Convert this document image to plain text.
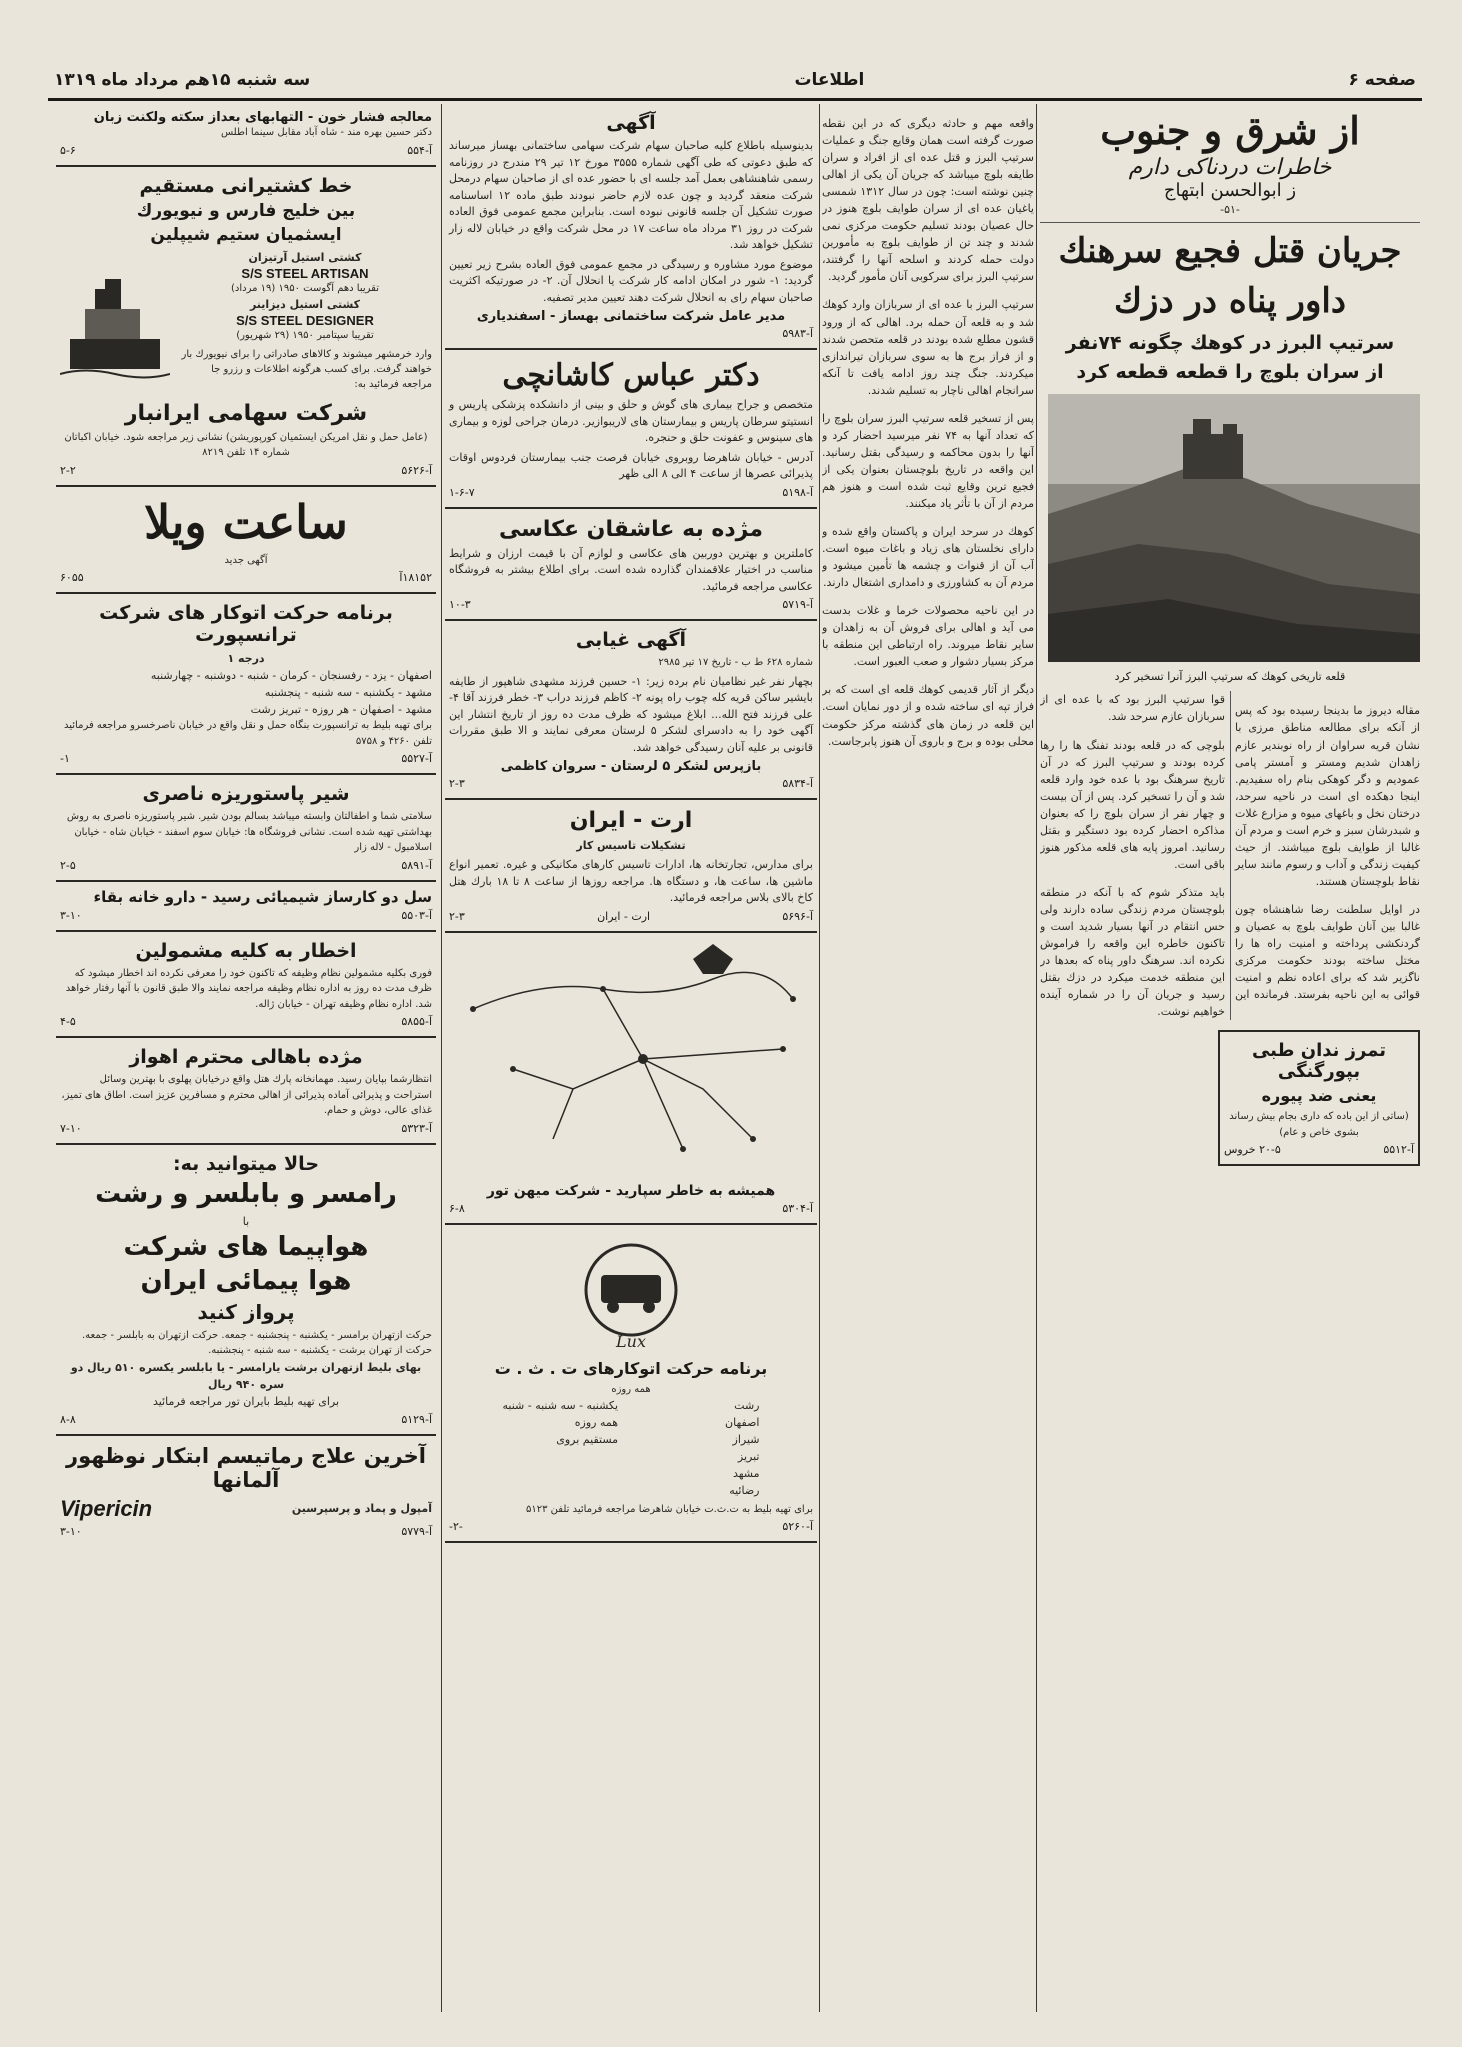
صفحه ۶
اطلاعات
سه شنبه ۱۵هم مرداد ماه ۱۳۱۹
از شرق و جنوب
خاطرات دردناکی دارم
ز ابوالحسن ابتهاج
-۵۱-
جریان قتل فجیع سرهنك
داور پناه در دزك
سرتیپ البرز در کوهك چگونه ۷۴نفر
از سران بلوچ را قطعه قطعه کرد
قلعه تاریخی کوهك که سرتیپ البرز آنرا تسخیر کرد

مقاله دیروز ما بدینجا رسیده بود که پس از آنکه برای مطالعه مناطق مرزی با نشان قریه سراوان از راه نوبندیر عازم زاهدان شدیم ومستر و آمستر پامی عمودیم و دگر کوهکی بنام راه سفیدیم. اینجا دهکده ای است در ناحیه سرحد، درختان نخل و باغهای میوه و مزارع غلات و شبدرشان سبز و خرم است و مردم آن غالبا از طوایف بلوچ میباشند. از حیث کیفیت زندگی و آداب و رسوم مانند سایر نقاط بلوچستان هستند.

در اوایل سلطنت رضا شاهنشاه چون غالبا بین آنان طوایف بلوچ به عصیان و گردنکشی پرداخته و امنیت راه ها را مختل ساخته بودند حکومت مرکزی ناگزیر شد که برای اعاده نظم و امنیت قوائی به این ناحیه بفرستد. فرمانده این قوا سرتیپ البرز بود که با عده ای از سربازان عازم سرحد شد.

بلوچی که در قلعه بودند تفنگ ها را رها کرده بودند و سرتیپ البرز که در آن تاریخ سرهنگ بود با عده خود وارد قلعه شد و آن را تسخیر کرد. پس از آن بیست و چهار نفر از سران بلوچ را که بعنوان مذاکره احضار کرده بود دستگیر و بقتل رسانید. امروز پایه های قلعه مذکور هنوز باقی است.

باید متذکر شوم که با آنکه در منطقه بلوچستان مردم زندگی ساده دارند ولی حس انتقام در آنها بسیار شدید است و تاکنون خاطره این واقعه را فراموش نکرده اند. سرهنگ داور پناه که بعدها در این منطقه خدمت میکرد در دزك بقتل رسید و جریان آن را در شماره آینده خواهیم نوشت.

تمرز ندان طبی بپورگنگی
یعنی ضد پیوره
(ساتی از این باده که داری بجام بیش رساند بشوی خاص و عام)
آ-۵۵۱۲
۲۰-۵ خروس

واقعه مهم و حادثه دیگری که در این نقطه صورت گرفته است همان وقایع جنگ و عملیات سرتیپ البرز و قتل عده ای از افراد و سران طایفه بلوچ میباشد که جریان آن یکی از اهالی چنین نوشته است: چون در سال ۱۳۱۲ شمسی یاغیان عده ای از سران طوایف بلوچ هنوز در حال عصیان بودند تسلیم حکومت مرکزی نمی شدند و چند تن از طوایف بلوچ به مأمورین دولت حمله کردند و اسلحه آنها را گرفتند، سرتیپ البرز برای سرکوبی آنان مأمور گردید.

سرتیپ البرز با عده ای از سربازان وارد کوهك شد و به قلعه آن حمله برد. اهالی که از ورود قشون مطلع شده بودند در قلعه متحصن شدند و از فراز برج ها به سوی سربازان تیراندازی میکردند. جنگ چند روز ادامه یافت تا آنکه سرانجام اهالی ناچار به تسلیم شدند.

پس از تسخیر قلعه سرتیپ البرز سران بلوچ را که تعداد آنها به ۷۴ نفر میرسید احضار کرد و آنها را بدون محاکمه و رسیدگی بقتل رسانید. این واقعه در تاریخ بلوچستان بعنوان یکی از فجیع ترین وقایع ثبت شده است و هنوز هم مردم از آن با تأثر یاد میکنند.

کوهك در سرحد ایران و پاکستان واقع شده و دارای نخلستان های زیاد و باغات میوه است. آب آن از قنوات و چشمه ها تأمین میشود و مردم آن به کشاورزی و دامداری اشتغال دارند.

در این ناحیه محصولات خرما و غلات بدست می آید و اهالی برای فروش آن به زاهدان و سایر نقاط میروند. راه ارتباطی این منطقه با مرکز بسیار دشوار و صعب العبور است.

دیگر از آثار قدیمی کوهك قلعه ای است که بر فراز تپه ای ساخته شده و از دور نمایان است. این قلعه در زمان های گذشته مرکز حکومت محلی بوده و برج و باروی آن هنوز پابرجاست.

آگهی

بدینوسیله باطلاع کلیه صاحبان سهام شرکت سهامی ساختمانی بهساز میرساند که طبق دعوتی که طی آگهی شماره ۳۵۵۵ مورخ ۱۲ تیر ۲۹ مندرج در روزنامه رسمی شاهنشاهی بعمل آمد جلسه ای با حضور عده ای از صاحبان سهام درمحل شرکت منعقد گردید و چون عده لازم حاضر نبودند طبق ماده ۱۲ اساسنامه صورت تشکیل آن جلسه قانونی نبوده است. بنابراین مجمع عمومی فوق العاده شرکت در روز ۳۱ مرداد ماه ساعت ۱۷ در محل شرکت واقع در خیابان لاله زار تشکیل خواهد شد.

موضوع مورد مشاوره و رسیدگی در مجمع عمومی فوق العاده بشرح زیر تعیین گردید: ۱- شور در امکان ادامه کار شرکت یا انحلال آن. ۲- در صورتیکه اکثریت صاحبان سهام رای به انحلال شرکت دهند تعیین مدیر تصفیه.

مدیر عامل شرکت ساختمانی بهساز - اسفندیاری
آ-۵۹۸۳
دکتر عباس کاشانچی

متخصص و جراح بیماری های گوش و حلق و بینی از دانشکده پزشکی پاریس و انستیتو سرطان پاریس و بیمارستان های لاریبوازیر. درمان جراحی لوزه و بیماری های سینوس و عفونت حلق و حنجره.

آدرس - خیابان شاهرضا روبروی خیابان فرصت جنب بیمارستان فردوس اوقات پذیرائی عصرها از ساعت ۴ الی ۸ الی ظهر

آ-۵۱۹۸
۱-۶-۷
مژده به عاشقان عکاسی

کاملترین و بهترین دوربین های عکاسی و لوازم آن با قیمت ارزان و شرایط مناسب در اختیار علاقمندان گذارده شده است. برای اطلاع بیشتر به فروشگاه عکاسی مراجعه فرمائید.

آ-۵۷۱۹
۱۰-۳
آگهی غیابی
شماره ۶۲۸ ط ب - تاریخ ۱۷ تیر ۲۹۸۵

بچهار نفر غیر نظامیان نام برده زیر: ۱- حسین فرزند مشهدی شاهپور از طایفه بایشیر ساکن قریه کله چوب راه پونه ۲- کاظم فرزند دراب ۳- خطر فرزند آقا ۴- علی فرزند فتح الله... ابلاغ میشود که ظرف مدت ده روز از تاریخ انتشار این آگهی خود را به دادسرای لشکر ۵ لرستان معرفی نمایند و الا طبق مقررات قانونی بر علیه آنان رسیدگی خواهد شد.

بازپرس لشکر ۵ لرستان - سروان کاظمی
آ-۵۸۳۴
۲-۳
ارت - ایران
تشکیلات تاسیس کار

برای مدارس، تجارتخانه ها، ادارات تاسیس کارهای مکانیکی و غیره. تعمیر انواع ماشین ها، ساعت ها، و دستگاه ها. مراجعه روزها از ساعت ۸ تا ۱۸ بارك هتل کاخ بالای بلاس مراجعه فرمائید.

آ-۵۶۹۶
ارت - ایران
۲-۳
همیشه به خاطر سپارید - شرکت میهن تور
آ-۵۳۰۴
۶-۸
Lux
برنامه حرکت اتوکارهای ت . ث . ت
همه روزه
رشت
اصفهان
شیراز
تبریز
مشهد
رضائیه
یکشنبه - سه شنبه - شنبه
همه روزه
مستقیم بروی

برای تهیه بلیط به ت.ث.ت خیابان شاهرضا مراجعه فرمائید تلفن ۵۱۲۳

آ-۵۲۶۰
-۲-
معالجه فشار خون - التهابهای بعداز سکته ولکنت زبان
دکتر حسین بهره مند - شاه آباد مقابل سینما اطلس
آ-۵۵۴
۵-۶
خط کشتیرانی مستقیم
بین خلیج فارس و نیویورك
ایسثمیان ستیم شیپلین
کشتی استیل آرتیزان
S/S STEEL ARTISAN
تقریبا دهم آگوست ۱۹۵۰ (۱۹ مرداد)
کشتی استیل دیزاینر
S/S STEEL DESIGNER
تقریبا سپتامبر ۱۹۵۰ (۲۹ شهریور)

وارد خرمشهر میشوند و کالاهای صادراتی را برای نیویورك بار خواهند گرفت. برای کسب هرگونه اطلاعات و رزرو جا مراجعه فرمائید به:

شرکت سهامی ایرانبار
(عامل حمل و نقل امریکن ایسثمیان کورپوریشن) نشانی زیر مراجعه شود. خیابان اکباتان شماره ۱۴ تلفن ۸۲۱۹
آ-۵۶۲۶
۲-۲
ساعت ویلا
آگهی جدید
۱۸۱۵۲آ
۶۰۵۵
برنامه حرکت اتوکار های شرکت ترانسپورت
درجه ۱
اصفهان - یزد - رفسنجان - کرمان - شنبه - دوشنبه - چهارشنبه
مشهد - یکشنبه - سه شنبه - پنجشنبه
مشهد - اصفهان - هر روزه - تبریز رشت
برای تهیه بلیط به ترانسپورت بنگاه حمل و نقل واقع در خیابان ناصرخسرو مراجعه فرمائید تلفن ۴۲۶۰ و ۵۷۵۸
آ-۵۵۲۷
۱-
شیر پاستوریزه ناصری
سلامتی شما و اطفالتان وابسته میباشد بسالم بودن شیر. شیر پاستوریزه ناصری به روش بهداشتی تهیه شده است. نشانی فروشگاه ها: خیابان سوم اسفند - خیابان شاه - خیابان اسلامبول - لاله زار
آ-۵۸۹۱
۲-۵
سل دو کارساز شیمیائی رسید - دارو خانه بقاء
آ-۵۵۰۳
۳-۱۰
اخطار به کلیه مشمولین
فوری بکلیه مشمولین نظام وظیفه که تاکنون خود را معرفی نکرده اند اخطار میشود که ظرف مدت ده روز به اداره نظام وظیفه مراجعه نمایند والا طبق قانون با آنها رفتار خواهد شد. اداره نظام وظیفه تهران - خیابان ژاله.
آ-۵۸۵۵
۴-۵
مژده باهالی محترم اهواز
انتظارشما بپایان رسید. مهمانخانه پارك هتل واقع درخیابان پهلوی با بهترین وسائل استراحت و پذیرائی آماده پذیرائی از اهالی محترم و مسافرین عزیز است. اطاق های تمیز، غذای عالی، دوش و حمام.
آ-۵۳۲۳
۷-۱۰
حالا میتوانید به:
رامسر و بابلسر و رشت
با
هواپیما های شرکت
هوا پیمائی ایران
پرواز کنید
حرکت ازتهران برامسر - یکشنبه - پنجشنبه - جمعه. حرکت ازتهران به بابلسر - جمعه. حرکت از تهران برشت - یکشنبه - سه شنبه - پنجشنبه.
بهای بلیط ازتهران برشت یارامسر - یا بابلسر یکسره ۵۱۰ ریال دو سره ۹۴۰ ریال
برای تهیه بلیط بایران تور مراجعه فرمائید
آ-۵۱۲۹
۸-۸
آخرین علاج رماتیسم ابتکار نوظهور آلمانها
آمپول و پماد و پرسپرسین
Vipericin
آ-۵۷۷۹
۳-۱۰
